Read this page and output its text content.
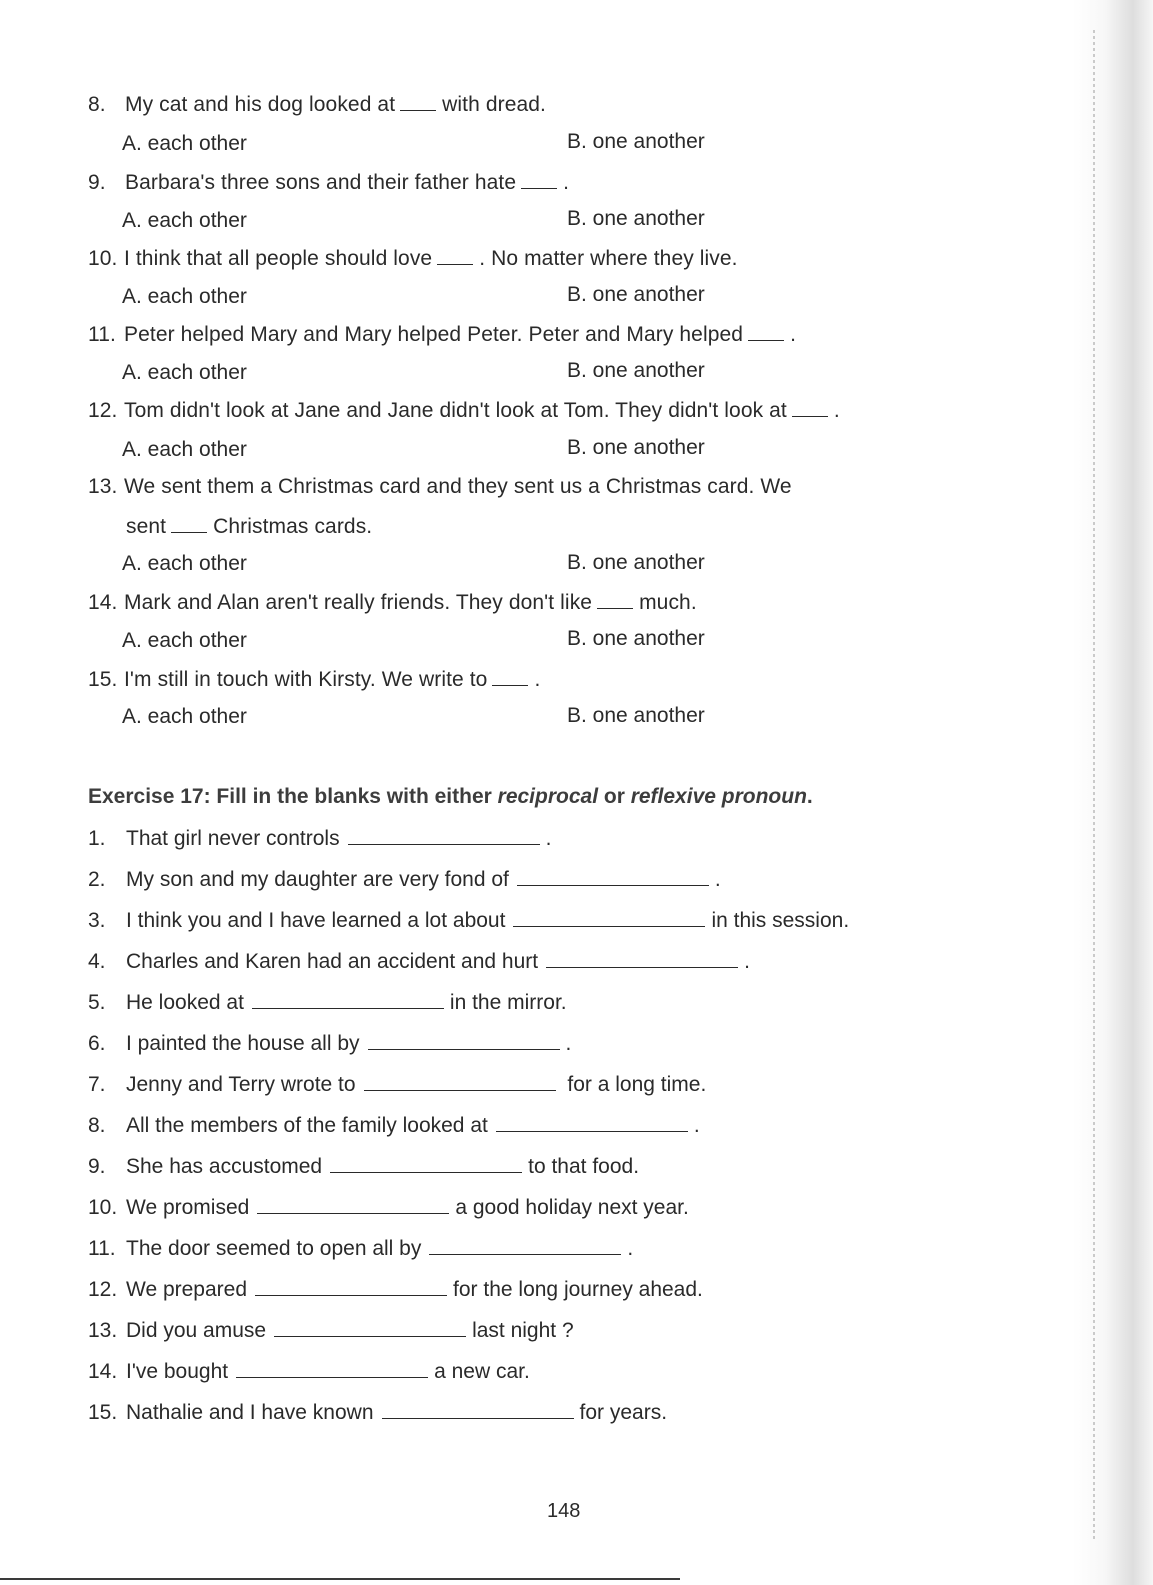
8. My cat and his dog looked at with dread.
A. each other	B. one another
9. Barbara's three sons and their father hate .
A. each other	B. one another
10. I think that all people should love . No matter where they live.
A. each other	B. one another
11. Peter helped Mary and Mary helped Peter. Peter and Mary helped .
A. each other	B. one another
12. Tom didn't look at Jane and Jane didn't look at Tom. They didn't look at .
A. each other	B. one another
13. We sent them a Christmas card and they sent us a Christmas card. We
sent Christmas cards.
A. each other	B. one another
14. Mark and Alan aren't really friends. They don't like much.
A. each other	B. one another
15. I'm still in touch with Kirsty. We write to .
A. each other	B. one another
Exercise 17: Fill in the blanks with either reciprocal or reflexive pronoun.
1. That girl never controls	.
2. My son and my daughter are very fond of	.
3. I think you and I have learned a lot about	in this session.
4. Charles and Karen had an accident and hurt	.
5. He looked at	in the mirror.
6. I painted the house all by	.
7. Jenny and Terry wrote to	for a long time.
8. All the members of the family looked at	.
9. She has accustomed	to that food.
10. We promised	a good holiday next year.
11. The door seemed to open all by	.
12. We prepared	for the long journey ahead.
13. Did you amuse	last night ?
14. I've bought	a new car.
15. Nathalie and I have known	for years.
148
